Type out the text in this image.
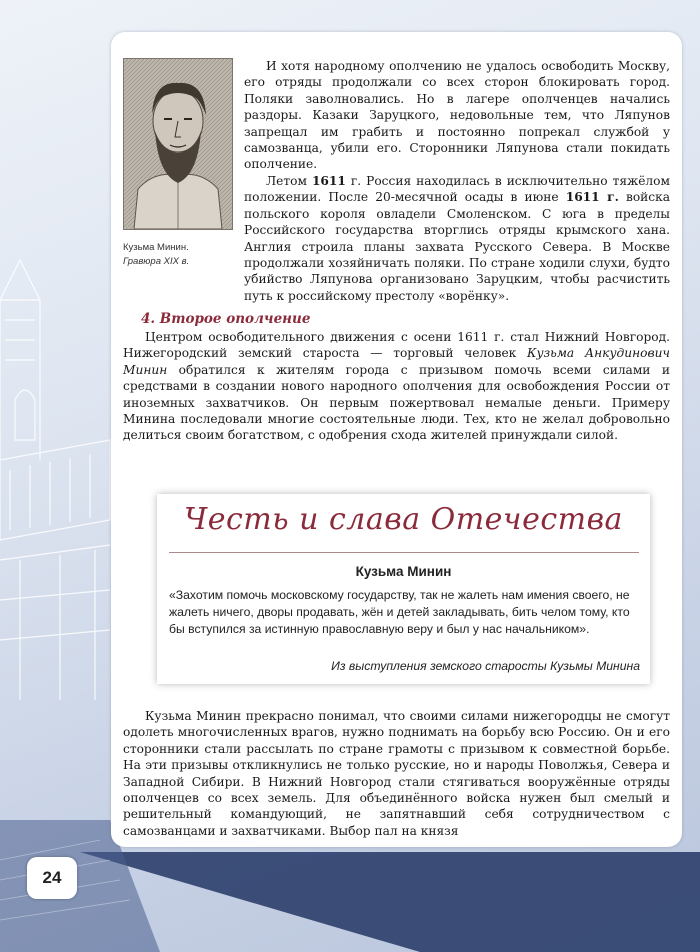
Кузьма Минин.
Гравюра XIX в.

И хотя народному ополчению не удалось освободить Москву, его отряды продолжали со всех сторон блокировать город. Поляки заволновались. Но в лагере ополченцев начались раздоры. Казаки Заруцкого, недовольные тем, что Ляпунов запрещал им грабить и постоянно попрекал службой у самозванца, убили его. Сторонники Ляпунова стали покидать ополчение.

Летом 1611 г. Россия находилась в исключительно тяжёлом положении. После 20-месячной осады в июне 1611 г. войска польского короля овладели Смоленском. С юга в пределы Российского государства вторглись отряды крымского хана. Англия строила планы захвата Русского Севера. В Москве продолжали хозяйничать поляки. По стране ходили слухи, будто убийство Ляпунова организовано Заруцким, чтобы расчистить путь к российскому престолу «ворёнку».

4. Второе ополчение

Центром освободительного движения с осени 1611 г. стал Нижний Новгород. Нижегородский земский староста — торговый человек Кузьма Анкудинович Минин обратился к жителям города с призывом помочь всеми силами и средствами в создании нового народного ополчения для освобождения России от иноземных захватчиков. Он первым пожертвовал немалые деньги. Примеру Минина последовали многие состоятельные люди. Тех, кто не желал добровольно делиться своим богатством, с одобрения схода жителей принуждали силой.

Честь и слава Отечества

Кузьма Минин

«Захотим помочь московскому государству, так не жалеть нам имения своего, не жалеть ничего, дворы продавать, жён и детей закладывать, бить челом тому, кто бы вступился за истинную православную веру и был у нас начальником».

Из выступления земского старосты Кузьмы Минина

Кузьма Минин прекрасно понимал, что своими силами нижегородцы не смогут одолеть многочисленных врагов, нужно поднимать на борьбу всю Россию. Он и его сторонники стали рассылать по стране грамоты с призывом к совместной борьбе. На эти призывы откликнулись не только русские, но и народы Поволжья, Севера и Западной Сибири. В Нижний Новгород стали стягиваться вооружённые отряды ополченцев со всех земель. Для объединённого войска нужен был смелый и решительный командующий, не запятнавший себя сотрудничеством с самозванцами и захватчиками. Выбор пал на князя

24
